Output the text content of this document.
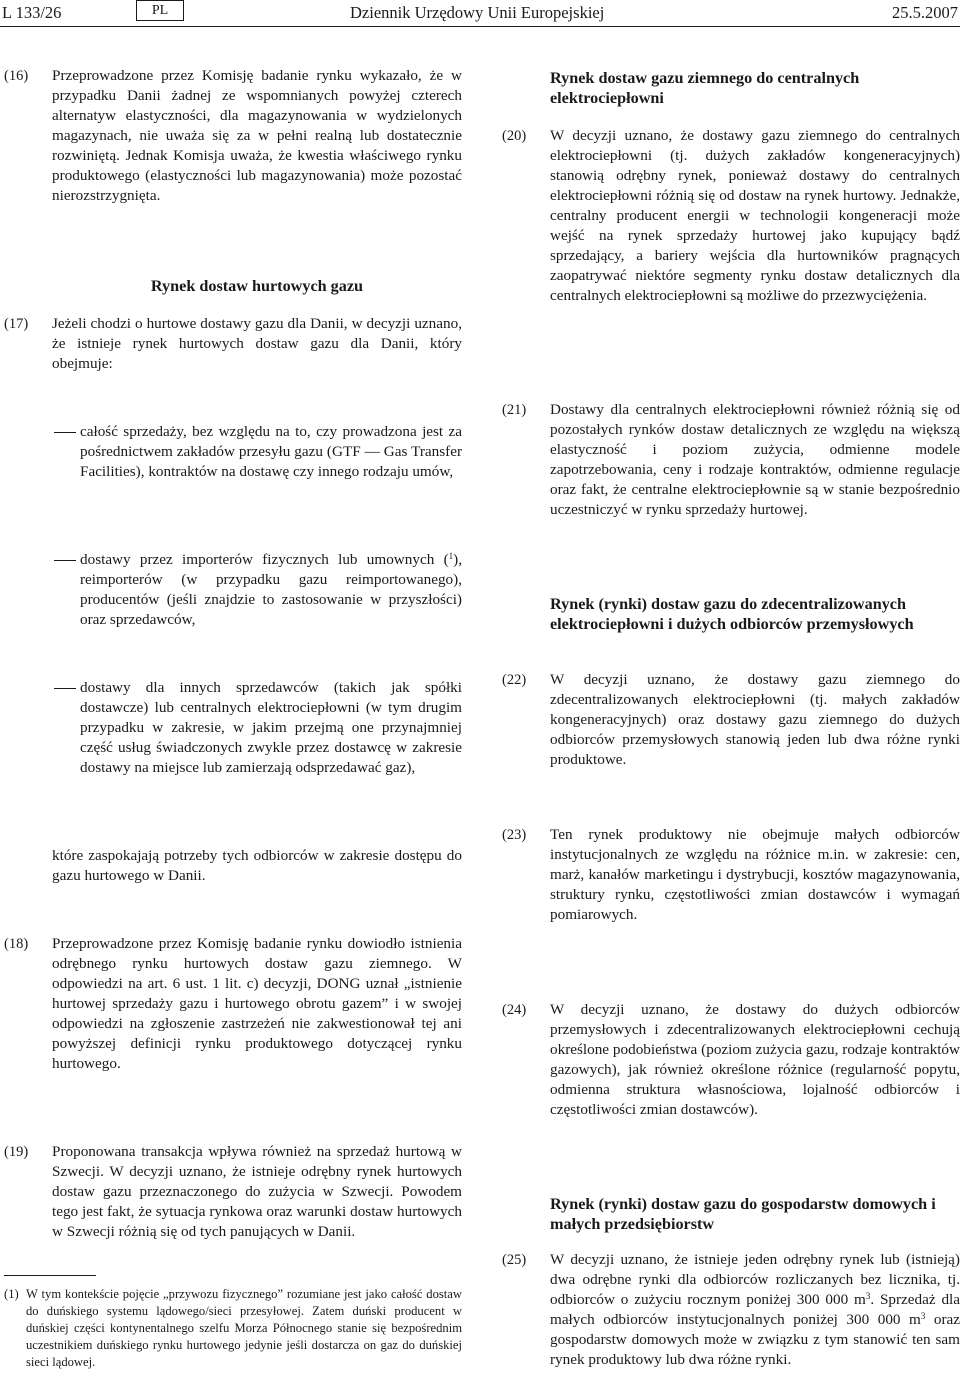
L 133/26	PL	Dziennik Urzędowy Unii Europejskiej	25.5.2007
(16)	Przeprowadzone przez Komisję badanie rynku wykazało, że w przypadku Danii żadnej ze wspomnianych powyżej czterech alternatyw elastyczności, dla magazynowania w wydzielonych magazynach, nie uważa się za w pełni realną lub dostatecznie rozwiniętą. Jednak Komisja uważa, że kwestia właściwego rynku produktowego (elastyczności lub magazynowania) może pozostać nierozstrzygnięta.
Rynek dostaw hurtowych gazu
(17)	Jeżeli chodzi o hurtowe dostawy gazu dla Danii, w decyzji uznano, że istnieje rynek hurtowych dostaw gazu dla Danii, który obejmuje:
całość sprzedaży, bez względu na to, czy prowadzona jest za pośrednictwem zakładów przesyłu gazu (GTF — Gas Transfer Facilities), kontraktów na dostawę czy innego rodzaju umów,
dostawy przez importerów fizycznych lub umownych ($^1$), reimporterów (w przypadku gazu reimportowanego), producentów (jeśli znajdzie to zastosowanie w przyszłości) oraz sprzedawców,
dostawy dla innych sprzedawców (takich jak spółki dostawcze) lub centralnych elektrociepłowni (w tym drugim przypadku w zakresie, w jakim przejmą one przynajmniej część usług świadczonych zwykle przez dostawcę w zakresie dostawy na miejsce lub zamierzają odsprzedawać gaz),
które zaspokajają potrzeby tych odbiorców w zakresie dostępu do gazu hurtowego w Danii.
(18)	Przeprowadzone przez Komisję badanie rynku dowiodło istnienia odrębnego rynku hurtowych dostaw gazu ziemnego. W odpowiedzi na art. 6 ust. 1 lit. c) decyzji, DONG uznał „istnienie hurtowej sprzedaży gazu i hurtowego obrotu gazem” i w swojej odpowiedzi na zgłoszenie zastrzeżeń nie zakwestionował tej ani powyższej definicji rynku produktowego dotyczącej rynku hurtowego.
(19)	Proponowana transakcja wpływa również na sprzedaż hurtową w Szwecji. W decyzji uznano, że istnieje odrębny rynek hurtowych dostaw gazu przeznaczonego do zużycia w Szwecji. Powodem tego jest fakt, że sytuacja rynkowa oraz warunki dostaw hurtowych w Szwecji różnią się od tych panujących w Danii.
(1) W tym kontekście pojęcie „przywozu fizycznego” rozumiane jest jako całość dostaw do duńskiego systemu lądowego/sieci przesyłowej. Zatem duński producent w duńskiej części kontynentalnego szelfu Morza Północnego stanie się bezpośrednim uczestnikiem duńskiego rynku hurtowego jedynie jeśli dostarcza on gaz do duńskiej sieci lądowej.
Rynek dostaw gazu ziemnego do centralnych elektrociepłowni
(20)	W decyzji uznano, że dostawy gazu ziemnego do centralnych elektrociepłowni (tj. dużych zakładów kongeneracyjnych) stanowią odrębny rynek, ponieważ dostawy do centralnych elektrociepłowni różnią się od dostaw na rynek hurtowy. Jednakże, centralny producent energii w technologii kongeneracji może wejść na rynek sprzedaży hurtowej jako kupujący bądź sprzedający, a bariery wejścia dla hurtowników pragnących zaopatrywać niektóre segmenty rynku dostaw detalicznych dla centralnych elektrociepłowni są możliwe do przezwyciężenia.
(21)	Dostawy dla centralnych elektrociepłowni również różnią się od pozostałych rynków dostaw detalicznych ze względu na większą elastyczność i poziom zużycia, odmienne modele zapotrzebowania, ceny i rodzaje kontraktów, odmienne regulacje oraz fakt, że centralne elektrociepłownie są w stanie bezpośrednio uczestniczyć w rynku sprzedaży hurtowej.
Rynek (rynki) dostaw gazu do zdecentralizowanych elektrociepłowni i dużych odbiorców przemysłowych
(22)	W decyzji uznano, że dostawy gazu ziemnego do zdecentralizowanych elektrociepłowni (tj. małych zakładów kongeneracyjnych) oraz dostawy gazu ziemnego do dużych odbiorców przemysłowych stanowią jeden lub dwa różne rynki produktowe.
(23)	Ten rynek produktowy nie obejmuje małych odbiorców instytucjonalnych ze względu na różnice m.in. w zakresie: cen, marż, kanałów marketingu i dystrybucji, kosztów magazynowania, struktury rynku, częstotliwości zmian dostawców i wymagań pomiarowych.
(24)	W decyzji uznano, że dostawy do dużych odbiorców przemysłowych i zdecentralizowanych elektrociepłowni cechują określone podobieństwa (poziom zużycia gazu, rodzaje kontraktów gazowych), jak również określone różnice (regularność popytu, odmienna struktura własnościowa, lojalność odbiorców i częstotliwości zmian dostawców).
Rynek (rynki) dostaw gazu do gospodarstw domowych i małych przedsiębiorstw
(25)	W decyzji uznano, że istnieje jeden odrębny rynek lub (istnieją) dwa odrębne rynki dla odbiorców rozliczanych bez licznika, tj. odbiorców o zużyciu rocznym poniżej 300 000 $m^3$. Sprzedaż dla małych odbiorców instytucjonalnych poniżej 300 000 $m^3$ oraz gospodarstw domowych może w związku z tym stanowić ten sam rynek produktowy lub dwa różne rynki.
